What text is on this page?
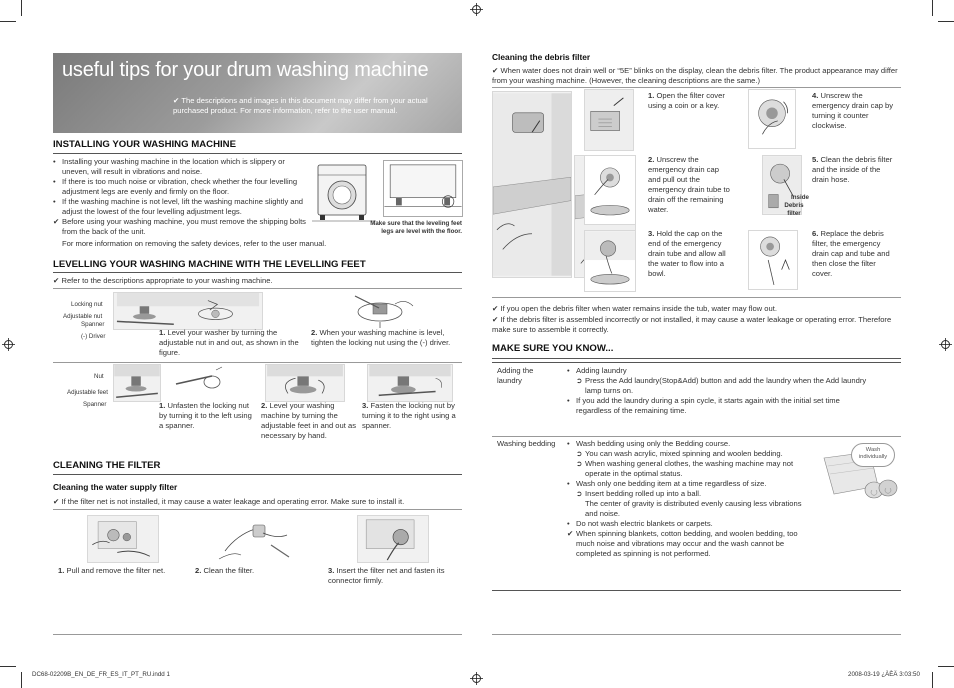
useful tips for your drum washing machine
✔ The descriptions and images in this document may differ from your actual purchased product. For more information, refer to the user manual.
INSTALLING YOUR WASHING MACHINE
• Installing your washing machine in the location which is slippery or uneven, will result in vibrations and noise.
• If there is too much noise or vibration, check whether the four levelling adjustment legs are evenly and firmly on the floor.
• If the washing machine is not level, lift the washing machine slightly and adjust the lowest of the four levelling adjustment legs.
✔ Before using your washing machine, you must remove the shipping bolts from the back of the unit.
For more information on removing the safety devices, refer to the user manual.
Make sure that the leveling feet legs are level with the floor.
LEVELLING YOUR WASHING MACHINE WITH THE LEVELLING FEET
✔ Refer to the descriptions appropriate to your washing machine.
Locking nut
Adjustable nut
Spanner
(-) Driver	1. Level your washer by turning the adjustable nut in and out, as shown in the figure.
2. When your washing machine is level, tighten the locking nut using the (-) driver.
Nut
Adjustable feet
Spanner	1. Unfasten the locking nut by turning it to the left using a spanner.
2. Level your washing machine by turning the adjustable feet in and out as necessary by hand.
3. Fasten the locking nut by turning it to the right using a spanner.
CLEANING THE FILTER
Cleaning the water supply filter
✔ If the filter net is not installed, it may cause a water leakage and operating error. Make sure to install it.
1. Pull and remove the filter net.	2. Clean the filter.	3. Insert the filter net and fasten its connector firmly.
Cleaning the debris filter
✔ When water does not drain well or “5E” blinks on the display, clean the debris filter. The product appearance may differ from your washing machine. (However, the cleaning descriptions are the same.)
1. Open the filter cover using a coin or a key.
2. Unscrew the emergency drain cap and pull out the emergency drain tube to drain off the remaining water.
3. Hold the cap on the end of the emergency drain tube and allow all the water to flow into a bowl.
4. Unscrew the emergency drain cap by turning it counter clockwise.
Inside
Debris filter
5. Clean the debris filter and the inside of the drain hose.
6. Replace the debris filter, the emergency drain cap and tube and then close the filter cover.
✔ If you open the debris filter when water remains inside the tub, water may flow out.
✔ If the debris filter is assembled incorrectly or not installed, it may cause a water leakage or operating error. Therefore make sure to assemble it correctly.
MAKE SURE YOU KNOW...
Adding the laundry
• Adding laundry
➲ Press the Add laundry(Stop&Add) button and add the laundry when the Add laundry lamp turns on.
• If you add the laundry during a spin cycle, it starts again with the initial set time regardless of the remaining time.
Washing bedding • Wash bedding using only the Bedding course.
➲ You can wash acrylic, mixed spinning and woolen bedding.
➲ When washing general clothes, the washing machine may not operate in the optimal status.
• Wash only one bedding item at a time regardless of size.
➲ Insert bedding rolled up into a ball.
The center of gravity is distributed evenly causing less vibrations and noise.
• Do not wash electric blankets or carpets.
✔ When spinning blankets, cotton bedding, and woolen bedding, too much noise and vibrations may occur and the wash cannot be completed as spinning is not performed.
Wash individually
DC68-02209B_EN_DE_FR_ES_IT_PT_RU.indd 1	2008-03-19 ¿ÀÈÄ 3:03:50
